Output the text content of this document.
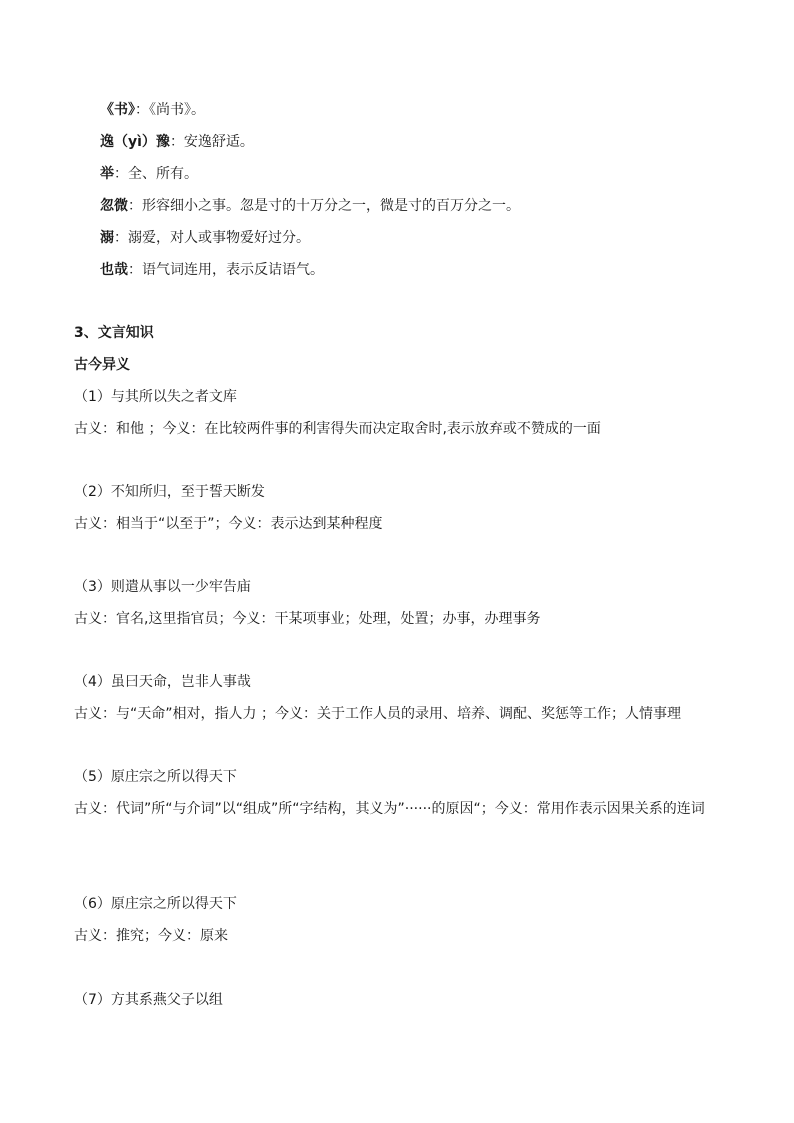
《书》：《尚书》。
逸（yì）豫：安逸舒适。
举：全、所有。
忽微：形容细小之事。忽是寸的十万分之一，微是寸的百万分之一。
溺：溺爱，对人或事物爱好过分。
也哉：语气词连用，表示反诘语气。
3、文言知识
古今异义
（1）与其所以失之者文库
古义：和他 ；今义：在比较两件事的利害得失而决定取舍时,表示放弃或不赞成的一面
（2）不知所归，至于誓天断发
古义：相当于“以至于”；今义：表示达到某种程度
（3）则遣从事以一少牢告庙
古义：官名,这里指官员；今义：干某项事业；处理，处置；办事，办理事务
（4）虽曰天命，岂非人事哉
古义：与“天命”相对，指人力 ；今义：关于工作人员的录用、培养、调配、奖惩等工作；人情事理
（5）原庄宗之所以得天下
古义：代词”所“与介词”以“组成”所“字结构，其义为”······的原因“；今义：常用作表示因果关系的连词
（6）原庄宗之所以得天下
古义：推究；今义：原来
（7）方其系燕父子以组
